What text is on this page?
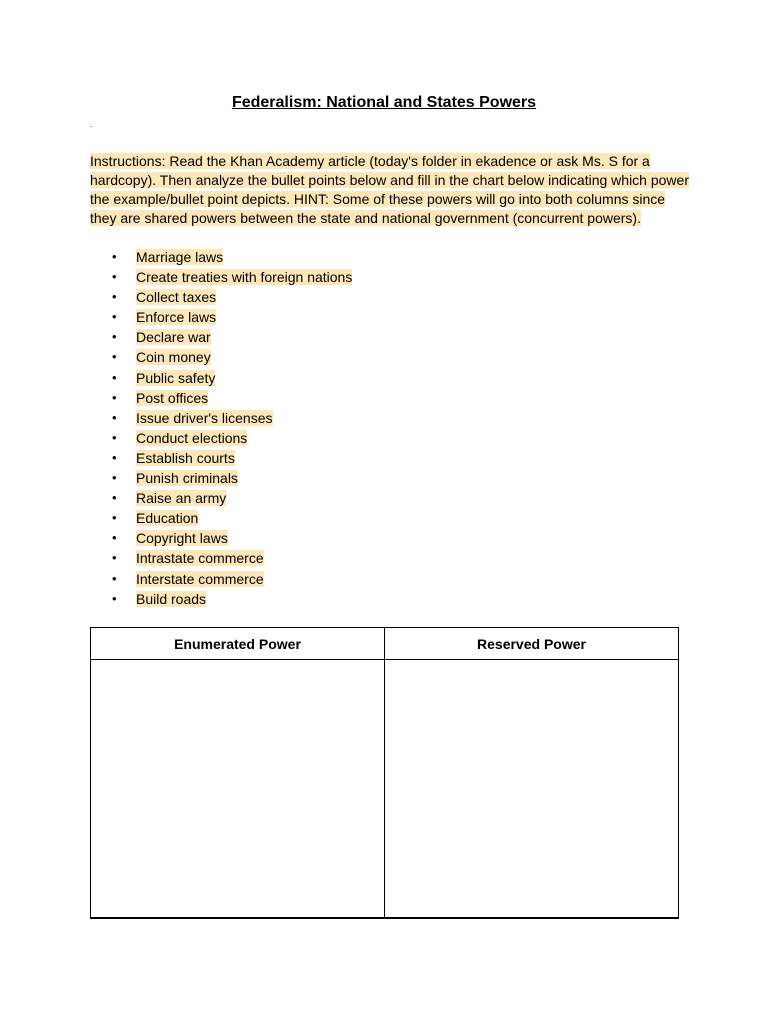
Federalism: National and States Powers
.

Instructions: Read the Khan Academy article (today's folder in ekadence or ask Ms. S for a hardcopy). Then analyze the bullet points below and fill in the chart below indicating which power the example/bullet point depicts. HINT: Some of these powers will go into both columns since they are shared powers between the state and national government (concurrent powers).

• Marriage laws
• Create treaties with foreign nations
• Collect taxes
• Enforce laws
• Declare war
• Coin money
• Public safety
• Post offices
• Issue driver's licenses
• Conduct elections
• Establish courts
• Punish criminals
• Raise an army
• Education
• Copyright laws
• Intrastate commerce
• Interstate commerce
• Build roads
Enumerated Power	Reserved Power
